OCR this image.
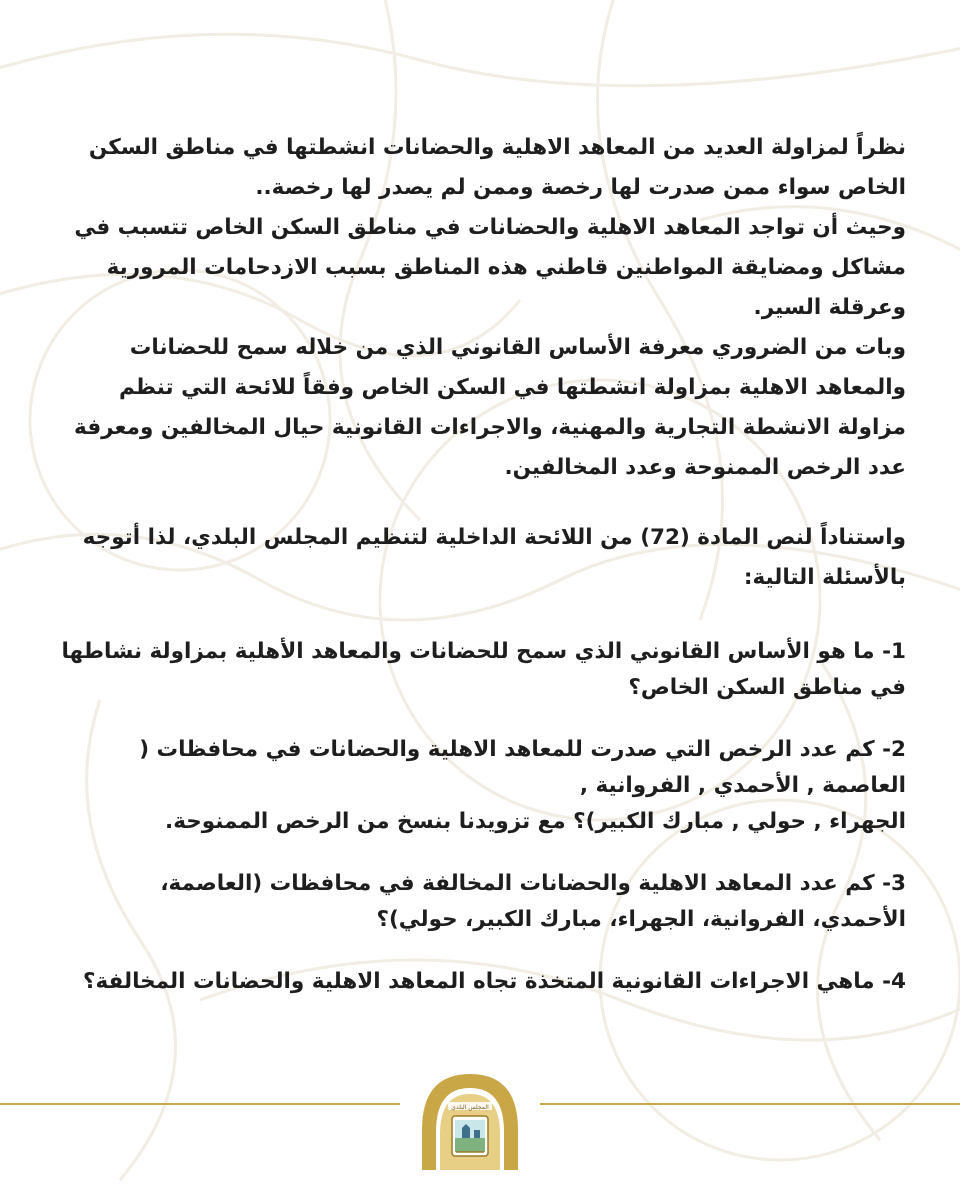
نظراً لمزاولة العديد من المعاهد الاهلية والحضانات انشطتها في مناطق السكن الخاص سواء ممن صدرت لها رخصة وممن لم يصدر لها رخصة..
وحيث أن تواجد المعاهد الاهلية والحضانات في مناطق السكن الخاص تتسبب في مشاكل ومضايقة المواطنين قاطني هذه المناطق بسبب الازدحامات المرورية وعرقلة السير.
وبات من الضروري معرفة الأساس القانوني الذي من خلاله سمح للحضانات والمعاهد الاهلية بمزاولة انشطتها في السكن الخاص وفقاً للائحة التي تنظم مزاولة الانشطة التجارية والمهنية، والاجراءات القانونية حيال المخالفين ومعرفة عدد الرخص الممنوحة وعدد المخالفين.

واستناداً لنص المادة (72) من اللائحة الداخلية لتنظيم المجلس البلدي، لذا أتوجه بالأسئلة التالية:

1- ما هو الأساس القانوني الذي سمح للحضانات والمعاهد الأهلية بمزاولة نشاطها في مناطق السكن الخاص؟
2- كم عدد الرخص التي صدرت للمعاهد الاهلية والحضانات في محافظات ( العاصمة , الأحمدي , الفروانية ,
الجهراء , حولي , مبارك الكبير)؟ مع تزويدنا بنسخ من الرخص الممنوحة.
3- كم عدد المعاهد الاهلية والحضانات المخالفة في محافظات (العاصمة، الأحمدي، الفروانية، الجهراء، مبارك الكبير، حولي)؟
4- ماهي الاجراءات القانونية المتخذة تجاه المعاهد الاهلية والحضانات المخالفة؟
المجلس البلدي
